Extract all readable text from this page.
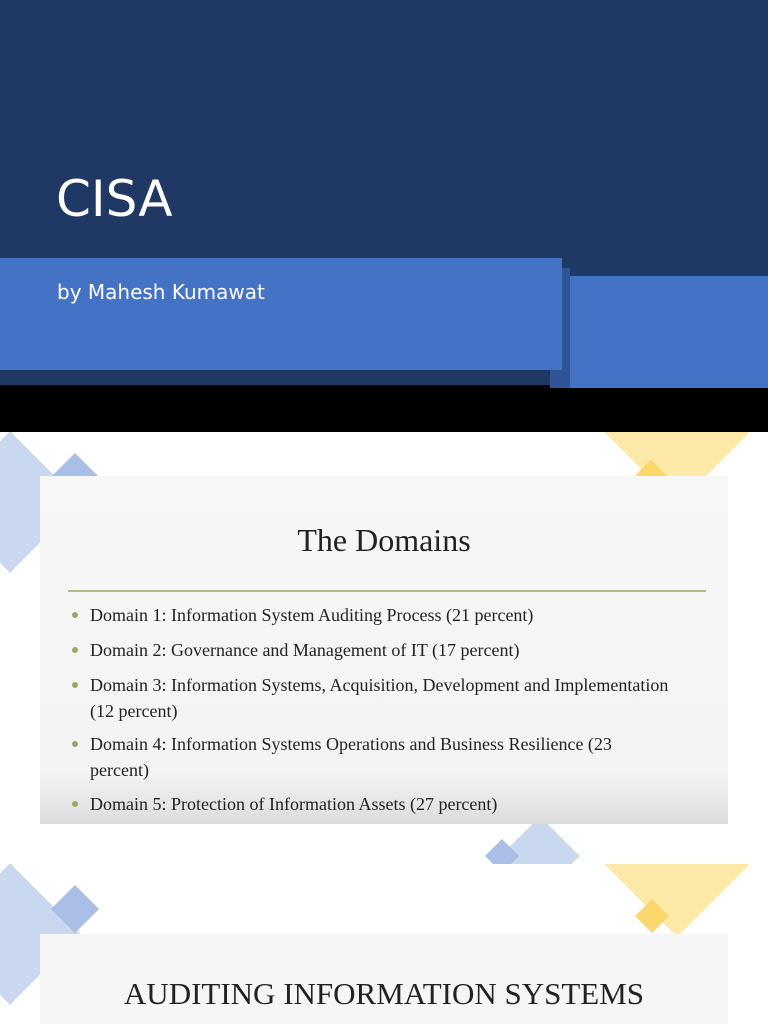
CISA
by Mahesh Kumawat
The Domains
Domain 1: Information System Auditing Process (21 percent)
Domain 2: Governance and Management of IT (17 percent)
Domain 3: Information Systems, Acquisition, Development and Implementation (12 percent)
Domain 4: Information Systems Operations and Business Resilience (23 percent)
Domain 5: Protection of Information Assets (27 percent)
AUDITING INFORMATION SYSTEMS
